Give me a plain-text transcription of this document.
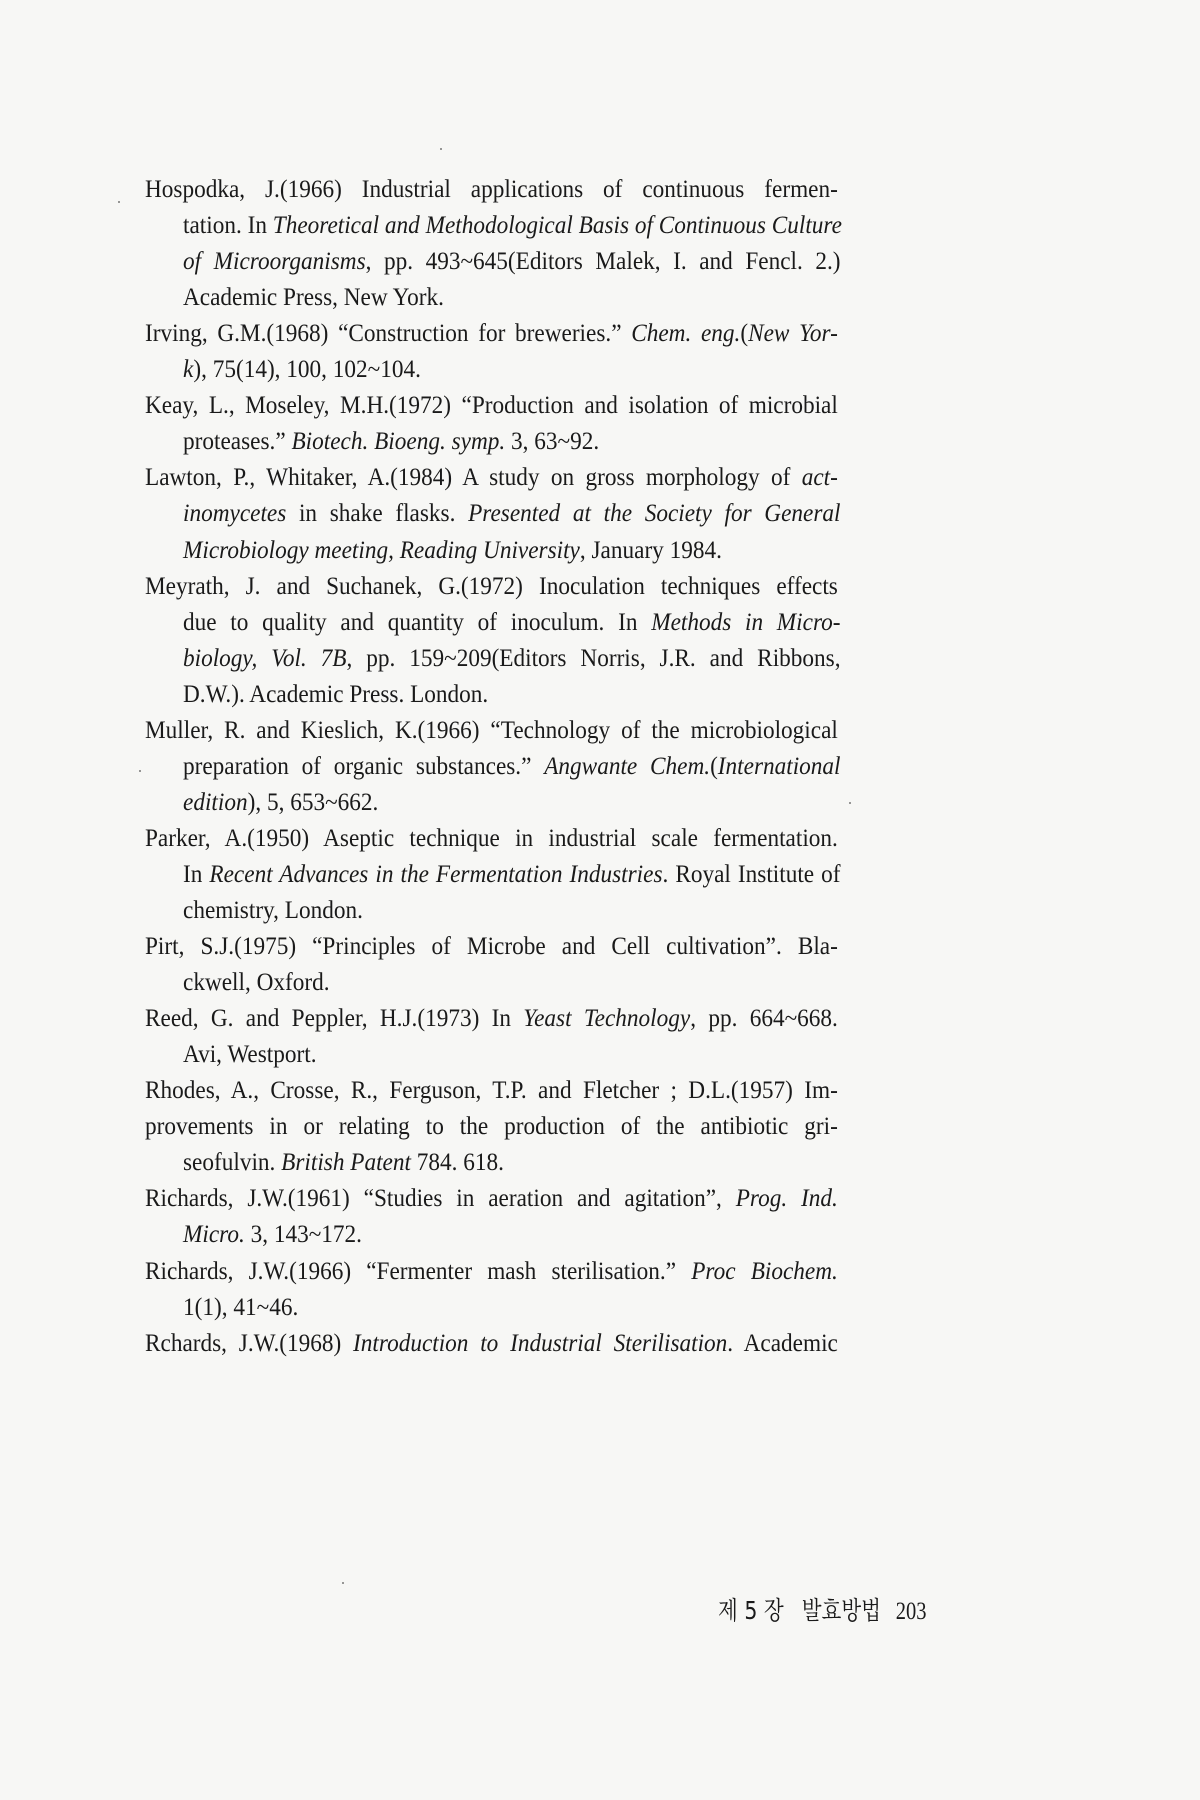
Hospodka, J.(1966) Industrial applications of continuous fermen-
tation. In Theoretical and Methodological Basis of Continuous Culture
of Microorganisms, pp. 493~645(Editors Malek, I. and Fencl. 2.)
Academic Press, New York.
Irving, G.M.(1968) “Construction for breweries.” Chem. eng.(New Yor-
k), 75(14), 100, 102~104.
Keay, L., Moseley, M.H.(1972) “Production and isolation of microbial
proteases.” Biotech. Bioeng. symp. 3, 63~92.
Lawton, P., Whitaker, A.(1984) A study on gross morphology of act-
inomycetes in shake flasks. Presented at the Society for General
Microbiology meeting, Reading University, January 1984.
Meyrath, J. and Suchanek, G.(1972) Inoculation techniques effects
due to quality and quantity of inoculum. In Methods in Micro-
biology, Vol. 7B, pp. 159~209(Editors Norris, J.R. and Ribbons,
D.W.). Academic Press. London.
Muller, R. and Kieslich, K.(1966) “Technology of the microbiological
preparation of organic substances.” Angwante Chem.(International
edition), 5, 653~662.
Parker, A.(1950) Aseptic technique in industrial scale fermentation.
In Recent Advances in the Fermentation Industries. Royal Institute of
chemistry, London.
Pirt, S.J.(1975) “Principles of Microbe and Cell cultivation”. Bla-
ckwell, Oxford.
Reed, G. and Peppler, H.J.(1973) In Yeast Technology, pp. 664~668.
Avi, Westport.
Rhodes, A., Crosse, R., Ferguson, T.P. and Fletcher ; D.L.(1957) Im-
provements in or relating to the production of the antibiotic gri-
seofulvin. British Patent 784. 618.
Richards, J.W.(1961) “Studies in aeration and agitation”, Prog. Ind.
Micro. 3, 143~172.
Richards, J.W.(1966) “Fermenter mash sterilisation.” Proc Biochem.
1(1), 41~46.
Rchards, J.W.(1968) Introduction to Industrial Sterilisation. Academic
제 5 장 발효방법 203
